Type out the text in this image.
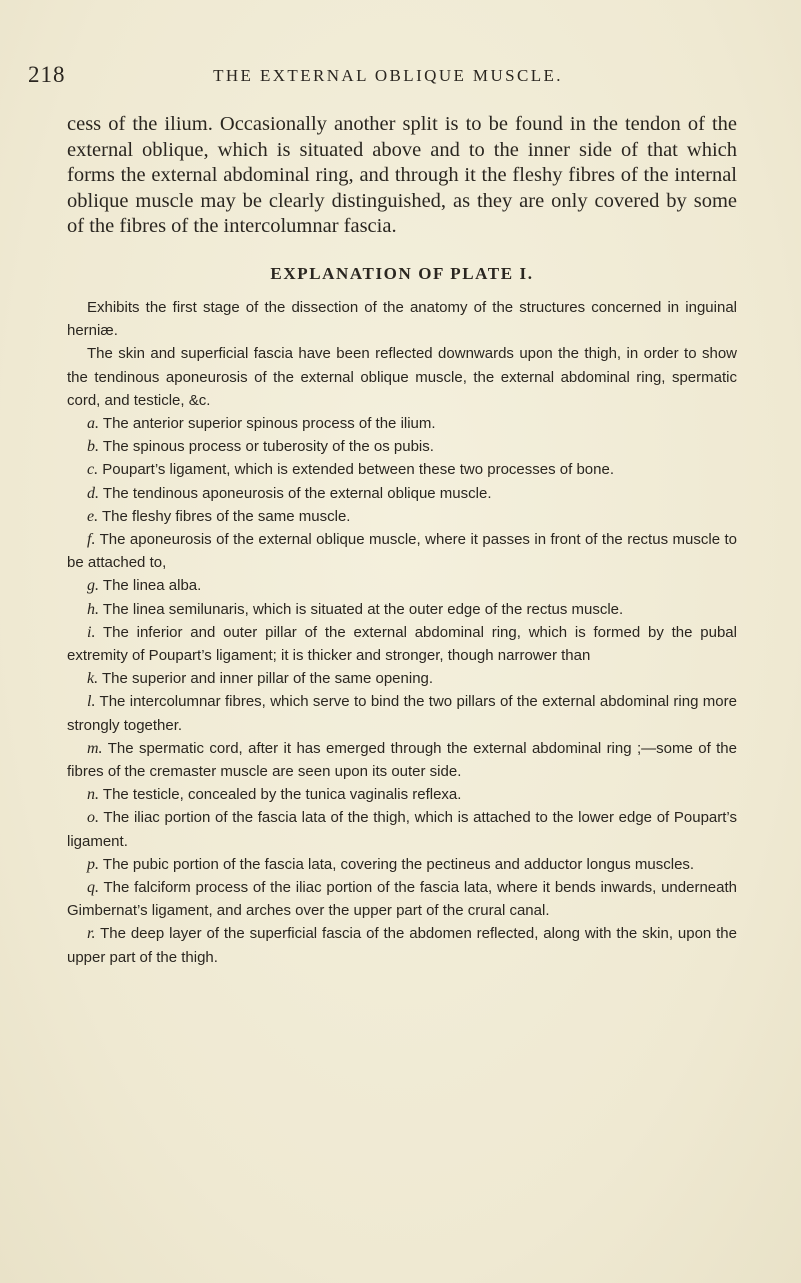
218	THE EXTERNAL OBLIQUE MUSCLE.

cess of the ilium. Occasionally another split is to be found in the tendon of the external oblique, which is situated above and to the inner side of that which forms the external abdominal ring, and through it the fleshy fibres of the internal oblique muscle may be clearly distinguished, as they are only covered by some of the fibres of the intercolumnar fascia.

EXPLANATION OF PLATE I.

Exhibits the first stage of the dissection of the anatomy of the structures concerned in inguinal herniæ.

The skin and superficial fascia have been reflected downwards upon the thigh, in order to show the tendinous aponeurosis of the external oblique muscle, the external abdominal ring, spermatic cord, and testicle, &c.

a. The anterior superior spinous process of the ilium.

b. The spinous process or tuberosity of the os pubis.

c. Poupart’s ligament, which is extended between these two processes of bone.

d. The tendinous aponeurosis of the external oblique muscle.

e. The fleshy fibres of the same muscle.

f. The aponeurosis of the external oblique muscle, where it passes in front of the rectus muscle to be attached to,

g. The linea alba.

h. The linea semilunaris, which is situated at the outer edge of the rectus muscle.

i. The inferior and outer pillar of the external abdominal ring, which is formed by the pubal extremity of Poupart’s ligament; it is thicker and stronger, though narrower than

k. The superior and inner pillar of the same opening.

l. The intercolumnar fibres, which serve to bind the two pillars of the external abdominal ring more strongly together.

m. The spermatic cord, after it has emerged through the external abdominal ring ;—some of the fibres of the cremaster muscle are seen upon its outer side.

n. The testicle, concealed by the tunica vaginalis reflexa.

o. The iliac portion of the fascia lata of the thigh, which is attached to the lower edge of Poupart’s ligament.

p. The pubic portion of the fascia lata, covering the pectineus and adductor longus muscles.

q. The falciform process of the iliac portion of the fascia lata, where it bends inwards, underneath Gimbernat’s ligament, and arches over the upper part of the crural canal.

r. The deep layer of the superficial fascia of the abdomen reflected, along with the skin, upon the upper part of the thigh.
